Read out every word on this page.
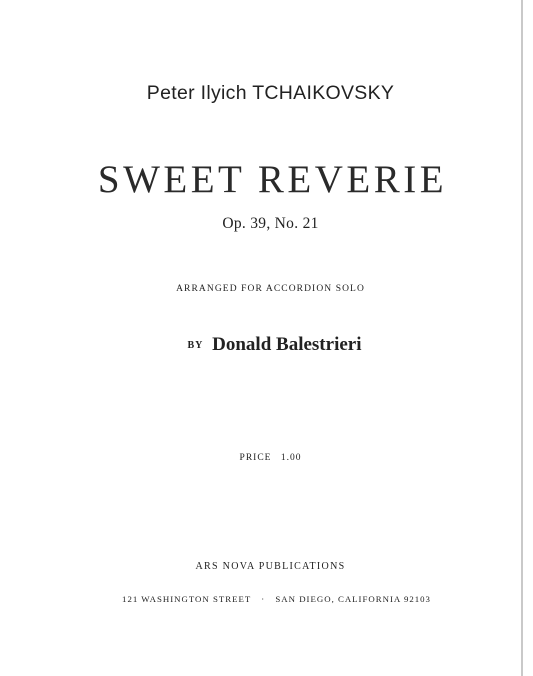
Peter Ilyich TCHAIKOVSKY
SWEET REVERIE
Op. 39, No. 21
ARRANGED FOR ACCORDION SOLO
BY Donald Balestrieri
PRICE 1.00
ARS NOVA PUBLICATIONS
121 WASHINGTON STREET · SAN DIEGO, CALIFORNIA 92103
